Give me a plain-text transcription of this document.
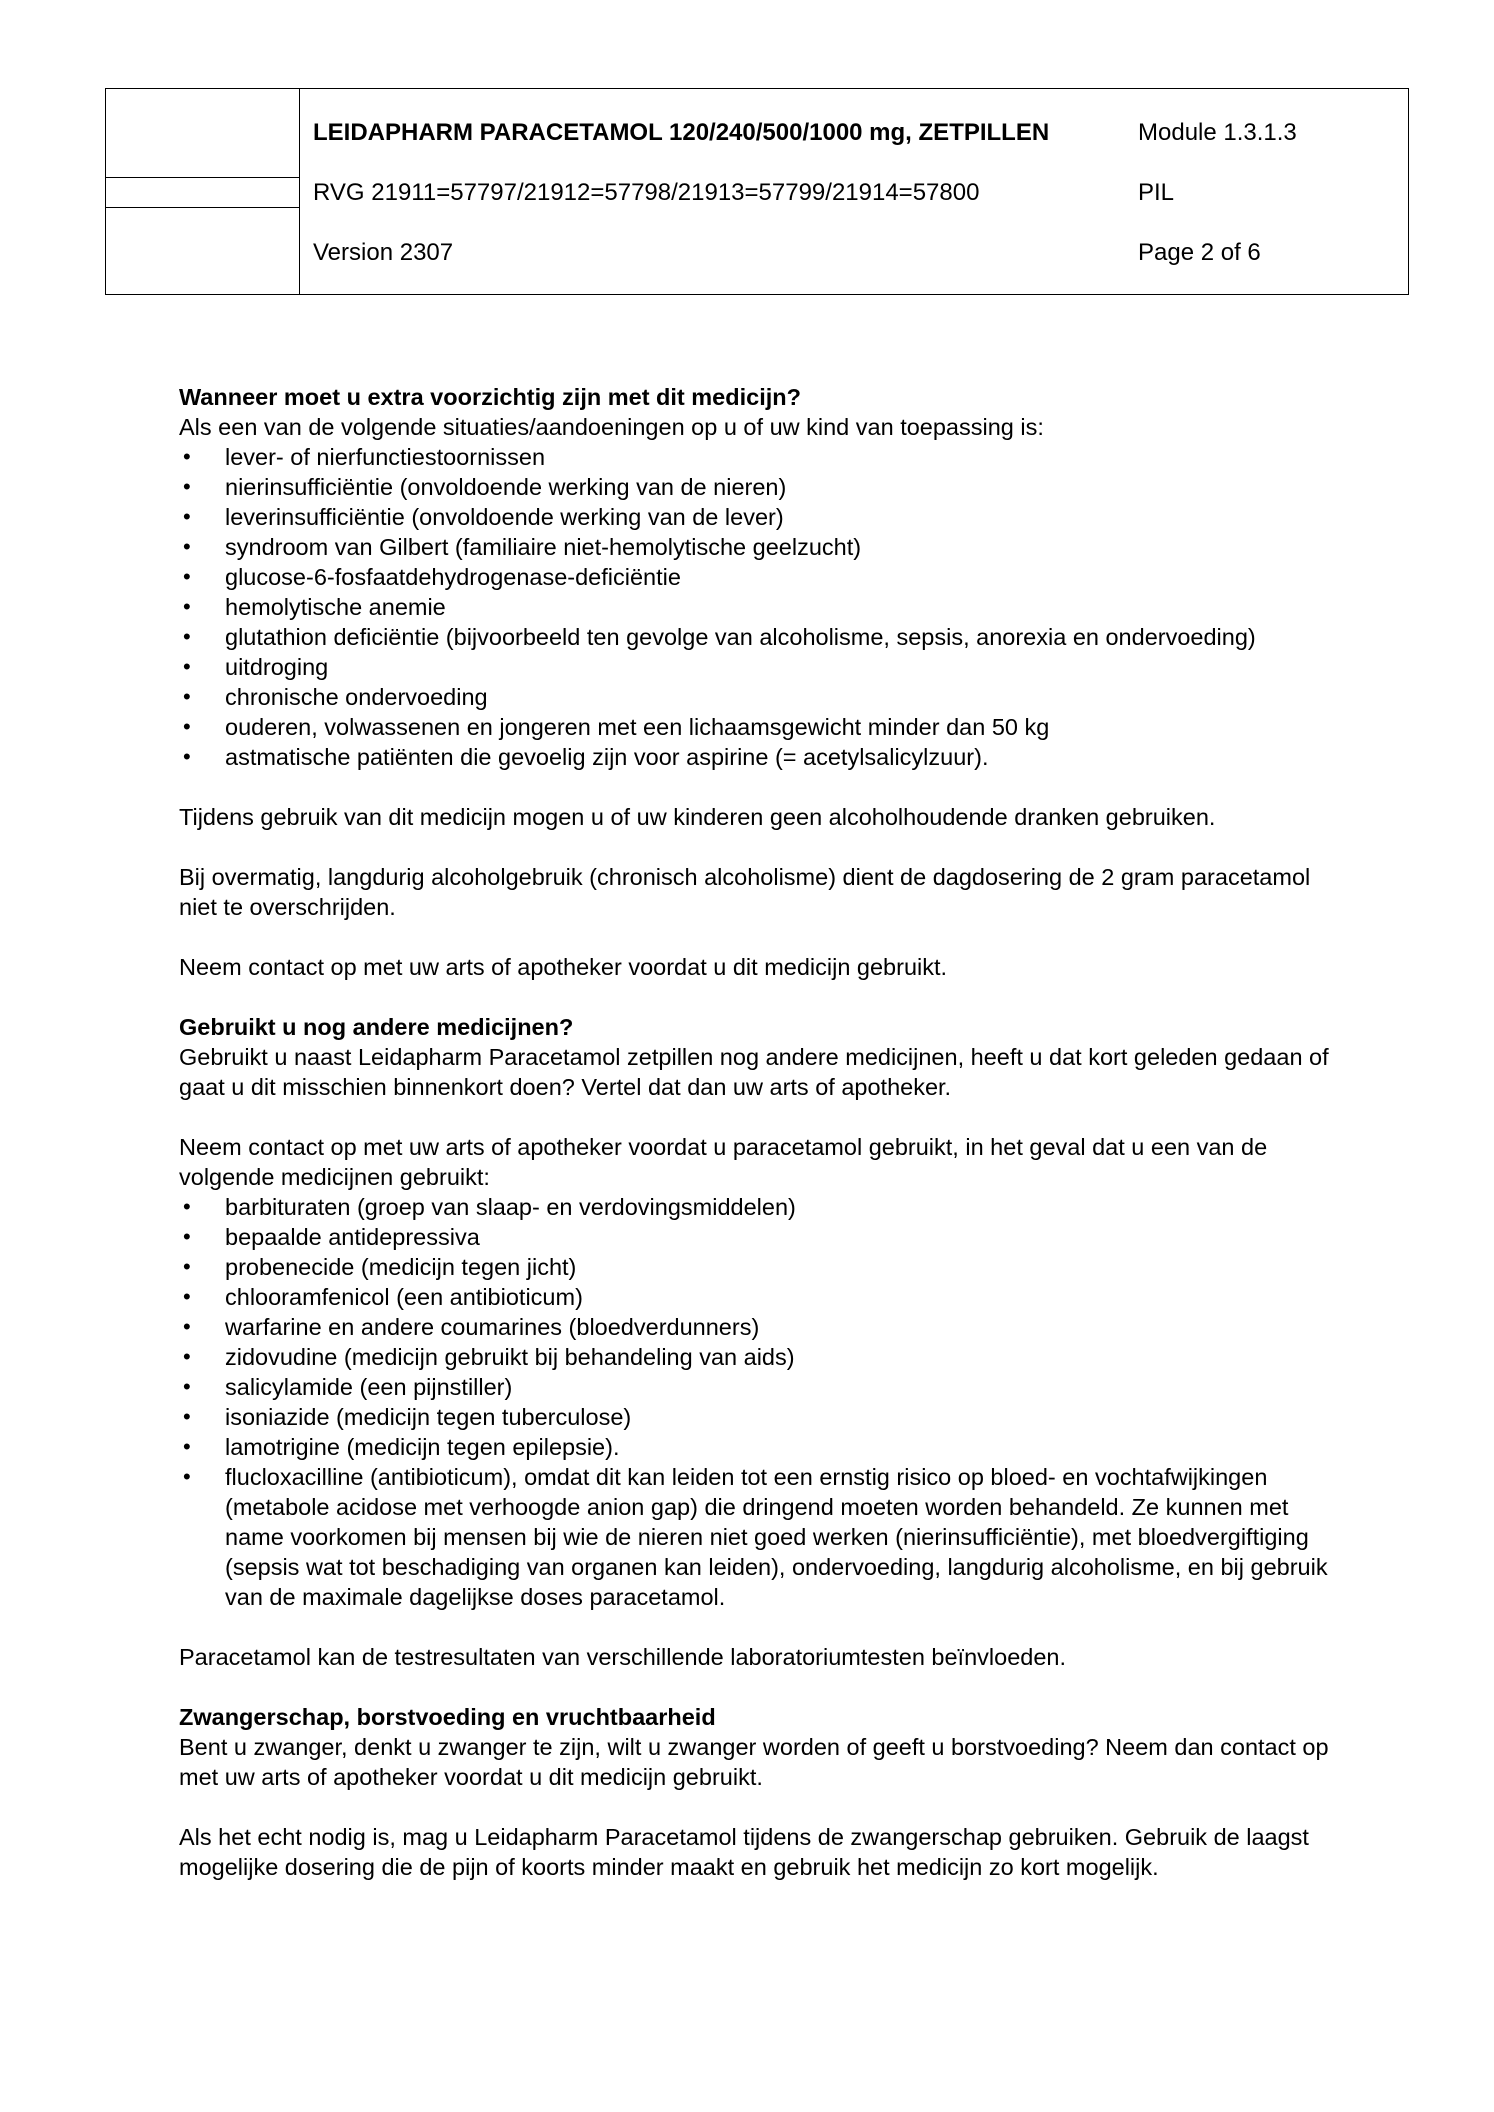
LEIDAPHARM PARACETAMOL 120/240/500/1000 mg, ZETPILLEN	Module 1.3.1.3
RVG 21911=57797/21912=57798/21913=57799/21914=57800	PIL
Version 2307	Page 2 of 6
Wanneer moet u extra voorzichtig zijn met dit medicijn?

Als een van de volgende situaties/aandoeningen op u of uw kind van toepassing is:

• lever- of nierfunctiestoornissen
• nierinsufficiëntie (onvoldoende werking van de nieren)
• leverinsufficiëntie (onvoldoende werking van de lever)
• syndroom van Gilbert (familiaire niet-hemolytische geelzucht)
• glucose-6-fosfaatdehydrogenase-deficiëntie
• hemolytische anemie
• glutathion deficiëntie (bijvoorbeeld ten gevolge van alcoholisme, sepsis, anorexia en ondervoeding)
• uitdroging
• chronische ondervoeding
• ouderen, volwassenen en jongeren met een lichaamsgewicht minder dan 50 kg
• astmatische patiënten die gevoelig zijn voor aspirine (= acetylsalicylzuur).

Tijdens gebruik van dit medicijn mogen u of uw kinderen geen alcoholhoudende dranken gebruiken.

Bij overmatig, langdurig alcoholgebruik (chronisch alcoholisme) dient de dagdosering de 2 gram paracetamol niet te overschrijden.

Neem contact op met uw arts of apotheker voordat u dit medicijn gebruikt.

Gebruikt u nog andere medicijnen?

Gebruikt u naast Leidapharm Paracetamol zetpillen nog andere medicijnen, heeft u dat kort geleden gedaan of gaat u dit misschien binnenkort doen? Vertel dat dan uw arts of apotheker.

Neem contact op met uw arts of apotheker voordat u paracetamol gebruikt, in het geval dat u een van de volgende medicijnen gebruikt:

• barbituraten (groep van slaap- en verdovingsmiddelen)
• bepaalde antidepressiva
• probenecide (medicijn tegen jicht)
• chlooramfenicol (een antibioticum)
• warfarine en andere coumarines (bloedverdunners)
• zidovudine (medicijn gebruikt bij behandeling van aids)
• salicylamide (een pijnstiller)
• isoniazide (medicijn tegen tuberculose)
• lamotrigine (medicijn tegen epilepsie).
• flucloxacilline (antibioticum), omdat dit kan leiden tot een ernstig risico op bloed- en vochtafwijkingen (metabole acidose met verhoogde anion gap) die dringend moeten worden behandeld. Ze kunnen met name voorkomen bij mensen bij wie de nieren niet goed werken (nierinsufficiëntie), met bloedvergiftiging (sepsis wat tot beschadiging van organen kan leiden), ondervoeding, langdurig alcoholisme, en bij gebruik van de maximale dagelijkse doses paracetamol.

Paracetamol kan de testresultaten van verschillende laboratoriumtesten beïnvloeden.

Zwangerschap, borstvoeding en vruchtbaarheid

Bent u zwanger, denkt u zwanger te zijn, wilt u zwanger worden of geeft u borstvoeding? Neem dan contact op met uw arts of apotheker voordat u dit medicijn gebruikt.

Als het echt nodig is, mag u Leidapharm Paracetamol tijdens de zwangerschap gebruiken. Gebruik de laagst mogelijke dosering die de pijn of koorts minder maakt en gebruik het medicijn zo kort mogelijk.
